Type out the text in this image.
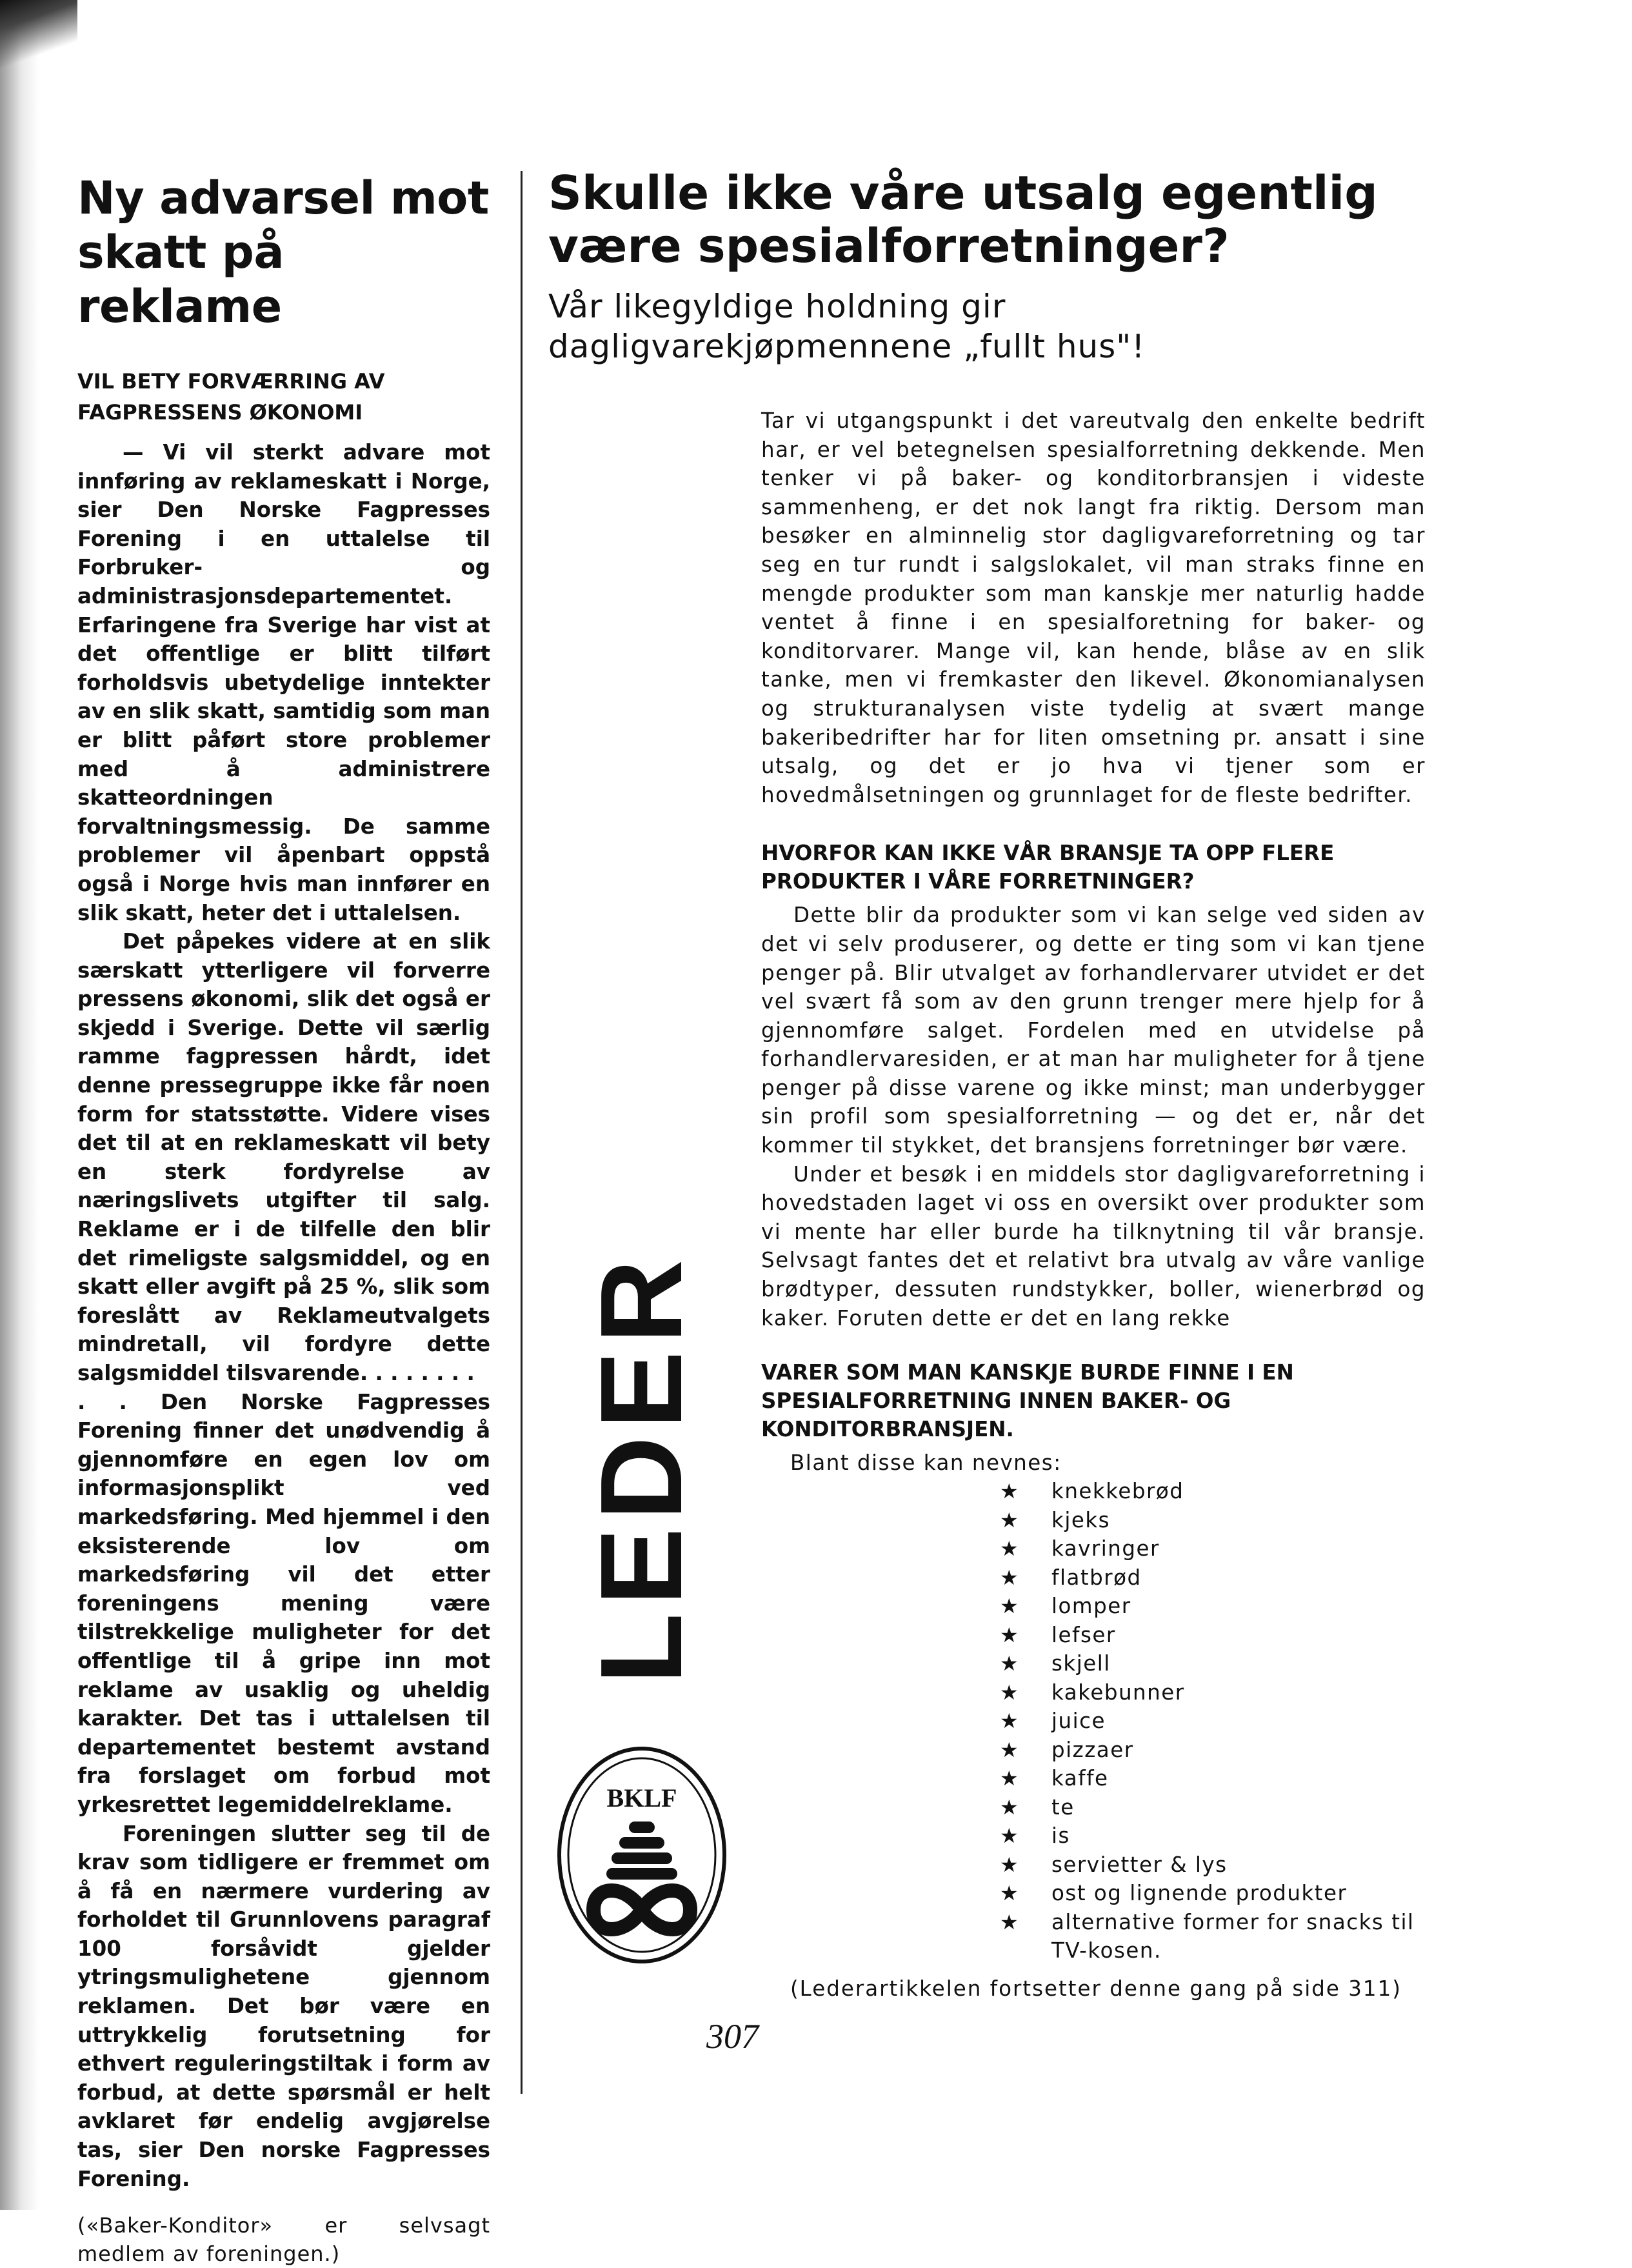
Ny advarsel mot
skatt på reklame
VIL BETY FORVÆRRING AV FAGPRESSENS ØKONOMI

— Vi vil sterkt advare mot innføring av reklameskatt i Norge, sier Den Norske Fagpresses Forening i en uttalelse til Forbruker- og administrasjonsdepartementet. Erfaringene fra Sverige har vist at det offentlige er blitt tilført forholdsvis ubetydelige inntekter av en slik skatt, samtidig som man er blitt påført store problemer med å administrere skatteordningen forvaltningsmessig. De samme problemer vil åpenbart oppstå også i Norge hvis man innfører en slik skatt, heter det i uttalelsen.

Det påpekes videre at en slik særskatt ytterligere vil forverre pressens økonomi, slik det også er skjedd i Sverige. Dette vil særlig ramme fagpressen hårdt, idet denne pressegruppe ikke får noen form for statsstøtte. Videre vises det til at en reklameskatt vil bety en sterk fordyrelse av næringslivets utgifter til salg. Reklame er i de tilfelle den blir det rimeligste salgsmiddel, og en skatt eller avgift på 25 %, slik som foreslått av Reklameutvalgets mindretall, vil fordyre dette salgsmiddel tilsvarende. . . . . . . .

. . Den Norske Fagpresses Forening finner det unødvendig å gjennomføre en egen lov om informasjonsplikt ved markedsføring. Med hjemmel i den eksisterende lov om markedsføring vil det etter foreningens mening være tilstrekkelige muligheter for det offentlige til å gripe inn mot reklame av usaklig og uheldig karakter. Det tas i uttalelsen til departementet bestemt avstand fra forslaget om forbud mot yrkesrettet legemiddelreklame.

Foreningen slutter seg til de krav som tidligere er fremmet om å få en nærmere vurdering av forholdet til Grunnlovens paragraf 100 forsåvidt gjelder ytringsmulighetene gjennom reklamen. Det bør være en uttrykkelig forutsetning for ethvert reguleringstiltak i form av forbud, at dette spørsmål er helt avklaret før endelig avgjørelse tas, sier Den norske Fagpresses Forening.

(«Baker-Konditor» er selvsagt medlem av foreningen.)
Skulle ikke våre utsalg egentlig
være spesialforretninger?
Vår likegyldige holdning gir
dagligvarekjøpmennene „fullt hus"!

Tar vi utgangspunkt i det vareutvalg den enkelte bedrift har, er vel betegnelsen spesialforretning dekkende. Men tenker vi på baker- og konditorbransjen i videste sammenheng, er det nok langt fra riktig. Dersom man besøker en alminnelig stor dagligvareforretning og tar seg en tur rundt i salgslokalet, vil man straks finne en mengde produkter som man kanskje mer naturlig hadde ventet å finne i en spesialforetning for baker- og konditorvarer. Mange vil, kan hende, blåse av en slik tanke, men vi fremkaster den likevel. Økonomianalysen og strukturanalysen viste tydelig at svært mange bakeribedrifter har for liten omsetning pr. ansatt i sine utsalg, og det er jo hva vi tjener som er hovedmålsetningen og grunnlaget for de fleste bedrifter.

HVORFOR KAN IKKE VÅR BRANSJE TA OPP FLERE PRODUKTER I VÅRE FORRETNINGER?

Dette blir da produkter som vi kan selge ved siden av det vi selv produserer, og dette er ting som vi kan tjene penger på. Blir utvalget av forhandlervarer utvidet er det vel svært få som av den grunn trenger mere hjelp for å gjennomføre salget. Fordelen med en utvidelse på forhandlervaresiden, er at man har muligheter for å tjene penger på disse varene og ikke minst; man underbygger sin profil som spesialforretning — og det er, når det kommer til stykket, det bransjens forretninger bør være.

Under et besøk i en middels stor dagligvareforretning i hovedstaden laget vi oss en oversikt over produkter som vi mente har eller burde ha tilknytning til vår bransje. Selvsagt fantes det et relativt bra utvalg av våre vanlige brødtyper, dessuten rundstykker, boller, wienerbrød og kaker. Foruten dette er det en lang rekke

VARER SOM MAN KANSKJE BURDE FINNE I EN SPESIALFORRETNING INNEN BAKER- OG KONDITORBRANSJEN.
Blant disse kan nevnes:
★ knekkebrød
★ kjeks
★ kavringer
★ flatbrød
★ lomper
★ lefser
★ skjell
★ kakebunner
★ juice
★ pizzaer
★ kaffe
★ te
★ is
★ servietter & lys
★ ost og lignende produkter
★ alternative former for snacks til TV-kosen.
(Lederartikkelen fortsetter denne gang på side 311)
LEDER
BKLF
307
